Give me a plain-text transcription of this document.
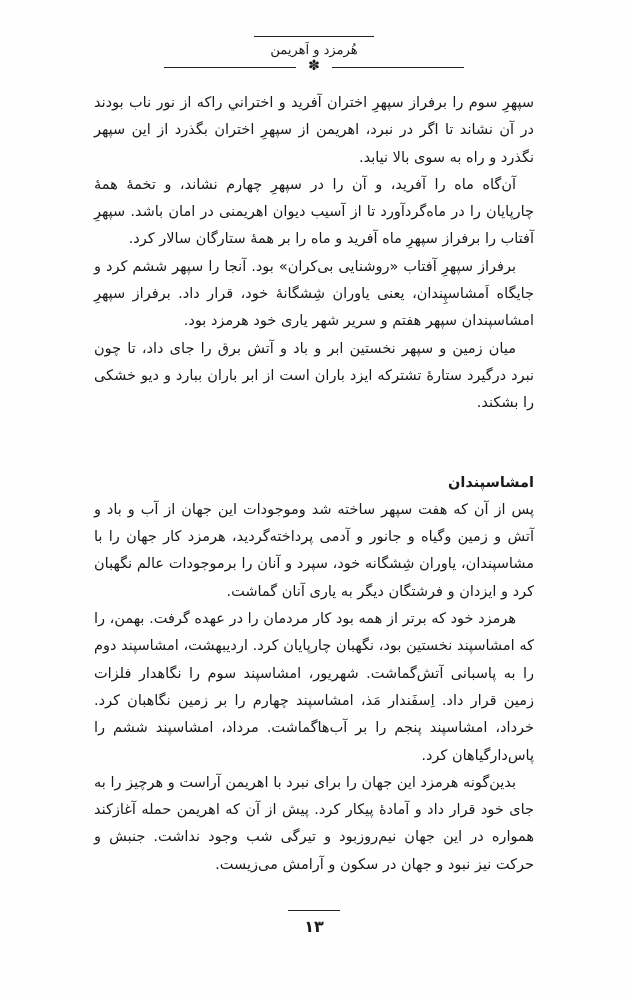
هُرمزد و اَهریمن
✽

سپهرِ سوم را برفراز سپهرِ اختران آفرید و اختراني راكه از نور ناب بودند در آن نشاند تا اگر در نبرد، اهریمن از سپهرِ اختران بگذرد از این سپهر نگذرد و راه به سوی بالا نیابد.

آن‌گاه ماه را آفرید، و آن را در سپهرِ چهارم نشاند، و تخمۀ همۀ چارپایان را در ماه‌گردآورد تا از آسیب دیوان اهریمنی در امان باشد. سپهرِ آفتاب را برفراز سپهرِ ماه آفرید و ماه را بر همۀ ستارگان سالار کرد.

برفراز سپهرِ آفتاب «روشنایی بی‌کران» بود. آنجا را سپهر ششم کرد و جایگاه اَمشاسپِندان، یعنی یاوران شِشگانۀ خود، قرار داد. برفراز سپهرِ امشاسپندان سپهر هفتم و سریر شهر یاری خود هرمزد بود.

میان زمین و سپهر نخستین ابر و باد و آتش برق را جای داد، تا چون نبرد درگیرد ستارۀ تشترکه ایزد باران است از ابر باران ببارد و دیو خشکی را بشکند.

امشاسپندان

پس از آن که هفت سپهر ساخته شد وموجودات این جهان از آب و باد و آتش و زمین وگیاه و جانور و آدمی پرداخته‌گردید، هرمزد کار جهان را با مشاسپندان، یاوران شِشگانه خود، سپرد و آنان را برموجودات عالم نگهبان کرد و ایزدان و فرشتگان دیگر به یاری آنان گماشت.

هرمزد خود که برتر از همه بود کار مردمان را در عهده گرفت. بهمن، را که امشاسپند نخستین بود، نگهبان چارپایان کرد. اردیبهشت، امشاسپند دوم را به پاسبانی آتش‌گماشت. شهریور، امشاسپند سوم را نگاهدار فلزات زمین قرار داد. اِسفَندار مَذ، امشاسپند چهارم را بر زمین نگاهبان کرد. خرداد، امشاسپند پنجم را بر آب‌هاگماشت. مرداد، امشاسپند ششم را پاس‌دارگیاهان کرد.

بدین‌گونه هرمزد این جهان را برای نبرد با اهریمن آراست و هرچیز را به جای خود قرار داد و آمادۀ پیکار کرد. پیش از آن که اهریمن حمله آغازکند همواره در این جهان نیم‌روزبود و تیرگی شب وجود نداشت. جنبش و حرکت نیز نبود و جهان در سکون و آرامش می‌زیست.

۱۳
